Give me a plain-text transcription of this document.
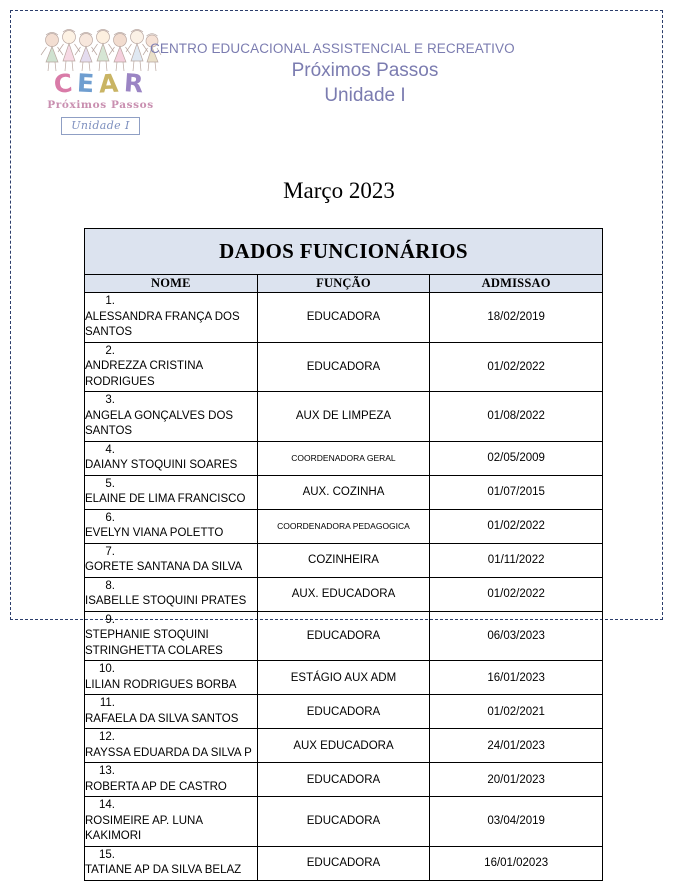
CEAR
Próximos Passos
Unidade I
CENTRO EDUCACIONAL ASSISTENCIAL E RECREATIVO
Próximos Passos
Unidade I
Março 2023
DADOS FUNCIONÁRIOS		
NOME	FUNÇÃO	ADMISSAO

1.ALESSANDRA FRANÇA DOS SANTOS	EDUCADORA	18/02/2019

2.ANDREZZA CRISTINA RODRIGUES	EDUCADORA	01/02/2022

3.ANGELA GONÇALVES DOS SANTOS	AUX DE LIMPEZA	01/08/2022

4.DAIANY STOQUINI SOARES	COORDENADORA GERAL	02/05/2009

5.ELAINE DE LIMA FRANCISCO	AUX. COZINHA	01/07/2015

6.EVELYN VIANA POLETTO	COORDENADORA PEDAGOGICA	01/02/2022

7.GORETE SANTANA DA SILVA	COZINHEIRA	01/11/2022

8.ISABELLE STOQUINI PRATES	AUX. EDUCADORA	01/02/2022

9.STEPHANIE STOQUINI STRINGHETTA COLARES	EDUCADORA	06/03/2023

10.LILIAN RODRIGUES BORBA	ESTÁGIO AUX ADM	16/01/2023

11.RAFAELA DA SILVA SANTOS	EDUCADORA	01/02/2021

12.RAYSSA EDUARDA DA SILVA P	AUX EDUCADORA	24/01/2023

13.ROBERTA AP DE CASTRO	EDUCADORA	20/01/2023

14.ROSIMEIRE AP. LUNA KAKIMORI	EDUCADORA	03/04/2019

15.TATIANE AP DA SILVA BELAZ	EDUCADORA	16/01/02023
